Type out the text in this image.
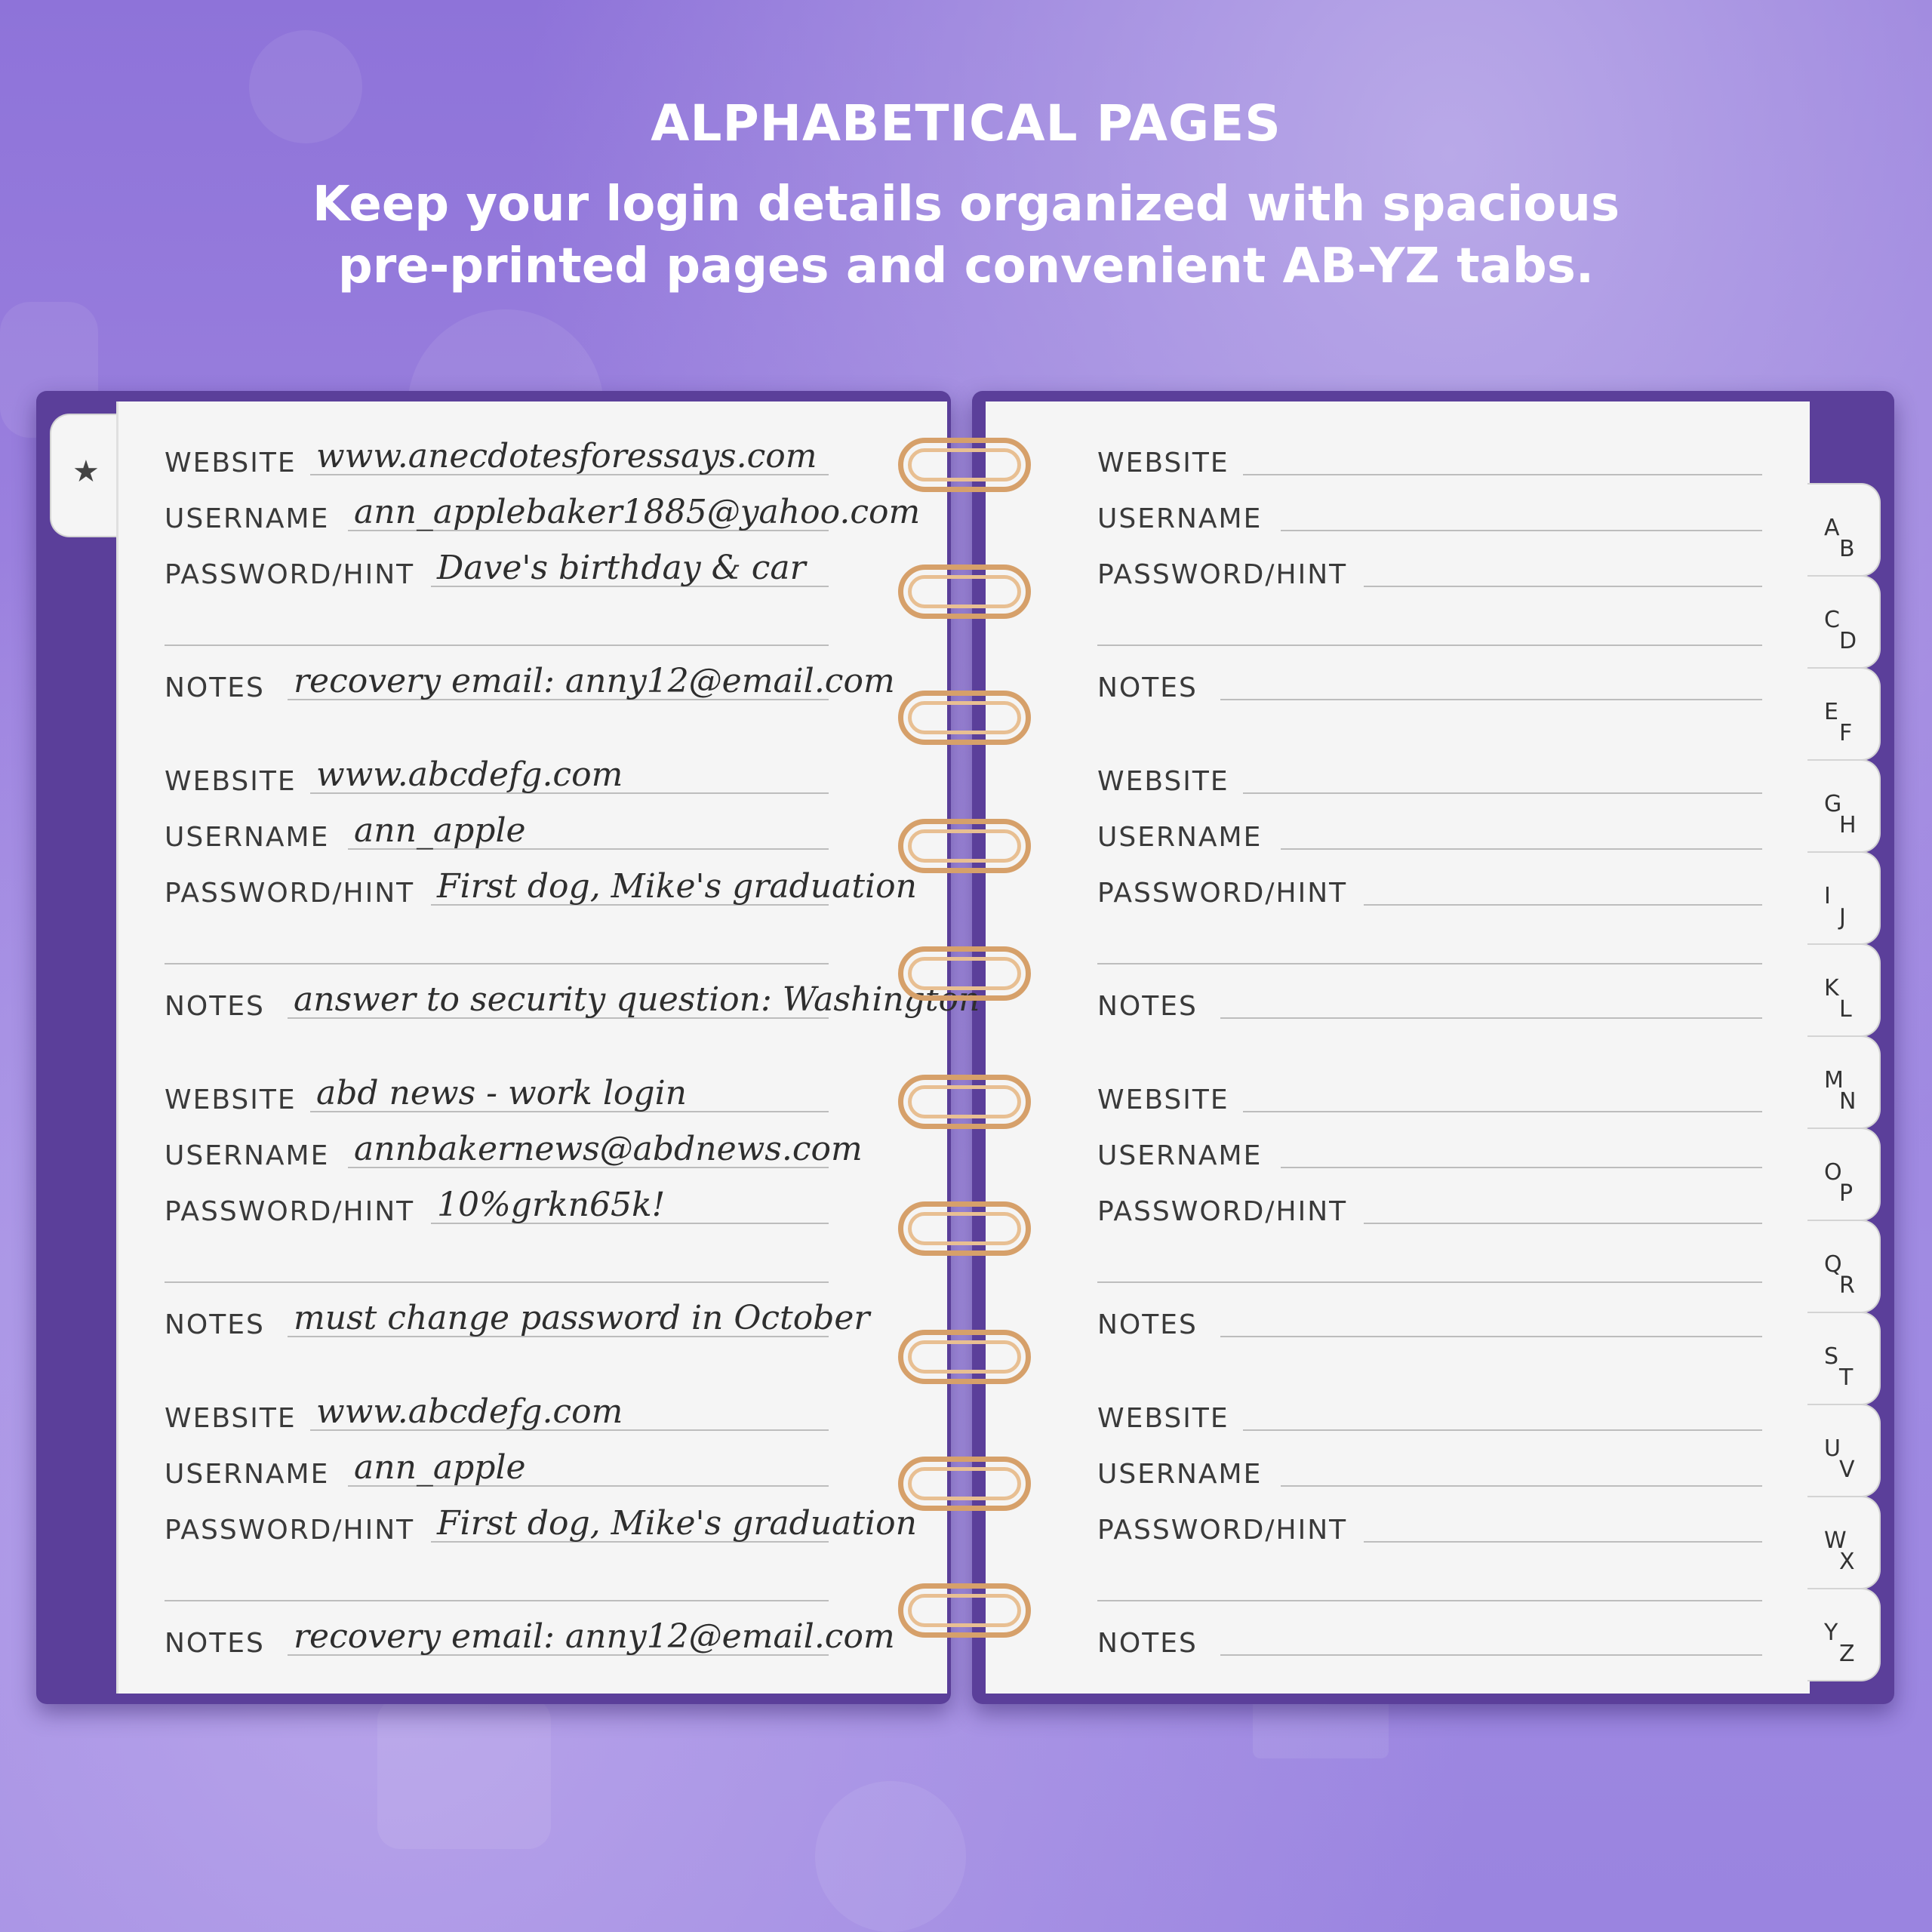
ALPHABETICAL PAGES
Keep your login details organized with spacious
pre-printed pages and convenient AB-YZ tabs.
★ WEBSITE www.anecdotesforessays.com
USERNAME ann_applebaker1885@yahoo.com
PASSWORD/HINT Dave's birthday & car
NOTES recovery email: anny12@email.com
WEBSITE www.abcdefg.com
USERNAME ann_apple
PASSWORD/HINT First dog, Mike's graduation
NOTES answer to security question: Washington
WEBSITE abd news - work login
USERNAME annbakernews@abdnews.com
PASSWORD/HINT 10%grkn65k!
NOTES must change password in October
WEBSITE www.abcdefg.com
USERNAME ann_apple
PASSWORD/HINT First dog, Mike's graduation
NOTES recovery email: anny12@email.com
WEBSITE
USERNAME
PASSWORD/HINT
NOTES
WEBSITE
USERNAME
PASSWORD/HINT
NOTES
WEBSITE
USERNAME
PASSWORD/HINT
NOTES
WEBSITE
USERNAME
PASSWORD/HINT
NOTES
A
B
C
D
E
F
G
H
I
J
K
L
M
N
O
P
Q
R
S
T
U
V
W
X
Y
Z
